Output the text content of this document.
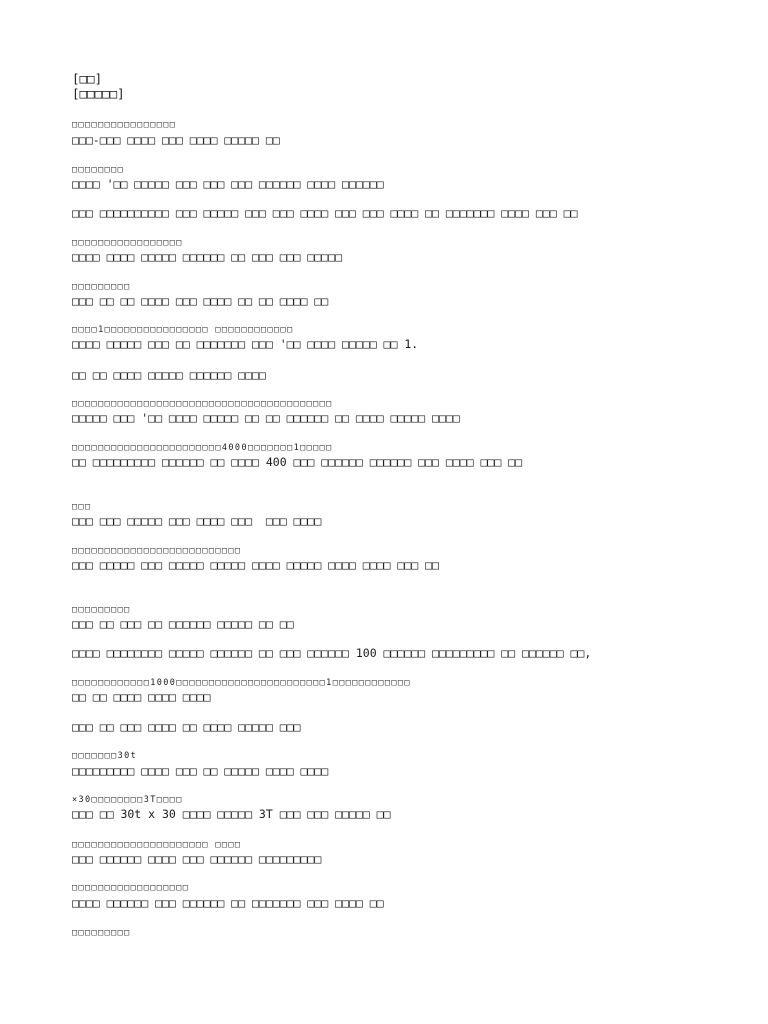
[□□]
[□□□□□]
□□□□□□□□□□□□□□□□
□□□-□□□ □□□□ □□□ □□□□ □□□□□ □□
□□□□□□□□
□□□□ '□□ □□□□□ □□□ □□□ □□□ □□□□□□ □□□□ □□□□□□
□□□ □□□□□□□□□□ □□□ □□□□□ □□□ □□□ □□□□ □□□ □□□ □□□□ □□ □□□□□□□ □□□□ □□□ □□
□□□□□□□□□□□□□□□□□
□□□□ □□□□ □□□□□ □□□□□□ □□ □□□ □□□ □□□□□
□□□□□□□□□
□□□ □□ □□ □□□□ □□□ □□□□ □□ □□ □□□□ □□
□□□□1□□□□□□□□□□□□□□□□ □□□□□□□□□□□□
□□□□ □□□□□ □□□ □□ □□□□□□□ □□□ '□□ □□□□ □□□□□ □□ 1.
□□ □□ □□□□ □□□□□ □□□□□□ □□□□
□□□□□□□□□□□□□□□□□□□□□□□□□□□□□□□□□□□□□□□□
□□□□□ □□□ '□□ □□□□ □□□□□ □□ □□ □□□□□□ □□ □□□□ □□□□□ □□□□
□□□□□□□□□□□□□□□□□□□□□□□4000□□□□□□□1□□□□□
□□ □□□□□□□□□ □□□□□□ □□ □□□□ 400 □□□ □□□□□□ □□□□□□ □□□ □□□□ □□□ □□
□□□
□□□ □□□ □□□□□ □□□ □□□□ □□□  □□□ □□□□
□□□□□□□□□□□□□□□□□□□□□□□□□□
□□□ □□□□□ □□□ □□□□□ □□□□□ □□□□ □□□□□ □□□□ □□□□ □□□ □□
□□□□□□□□□
□□□ □□ □□□ □□ □□□□□□ □□□□□ □□ □□
□□□□ □□□□□□□□ □□□□□ □□□□□□ □□ □□□ □□□□□□ 100 □□□□□□ □□□□□□□□□ □□ □□□□□□ □□,
□□□□□□□□□□□□1000□□□□□□□□□□□□□□□□□□□□□□□1□□□□□□□□□□□□
□□ □□ □□□□ □□□□ □□□□
□□□ □□ □□□ □□□□ □□ □□□□ □□□□□ □□□
□□□□□□□30t
□□□□□□□□□ □□□□ □□□ □□ □□□□□ □□□□ □□□□
×30□□□□□□□□3T□□□□
□□□ □□ 30t x 30 □□□□ □□□□□ 3T □□□ □□□ □□□□□ □□
□□□□□□□□□□□□□□□□□□□□□ □□□□
□□□ □□□□□□ □□□□ □□□ □□□□□□ □□□□□□□□□
□□□□□□□□□□□□□□□□□□
□□□□ □□□□□□ □□□ □□□□□□ □□ □□□□□□□ □□□ □□□□ □□
□□□□□□□□□
